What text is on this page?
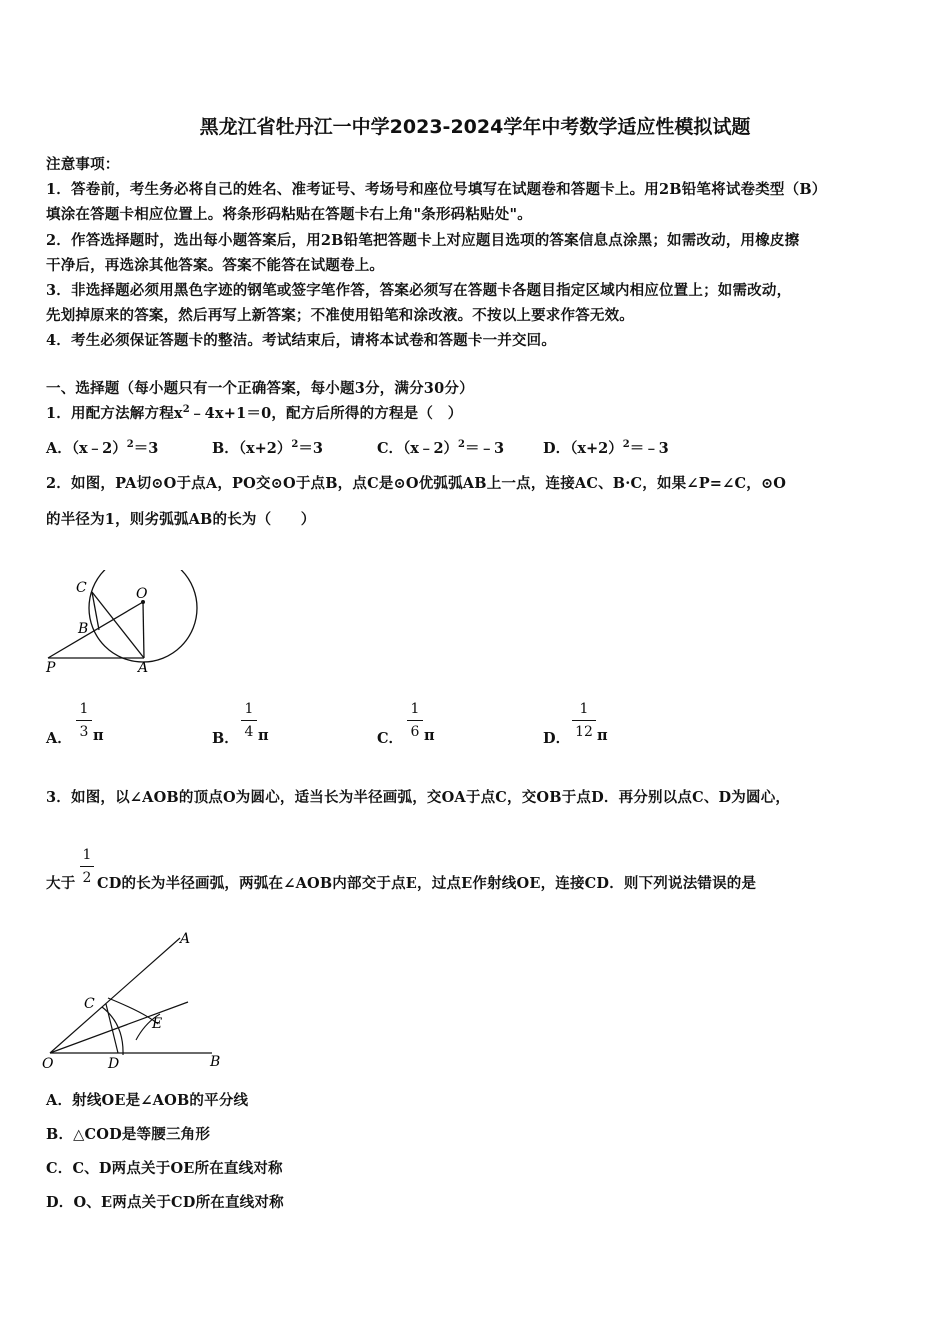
黑龙江省牡丹江一中学2023-2024学年中考数学适应性模拟试题
注意事项：
1．答卷前，考生务必将自己的姓名、准考证号、考场号和座位号填写在试题卷和答题卡上。用2B铅笔将试卷类型（B）
填涂在答题卡相应位置上。将条形码粘贴在答题卡右上角"条形码粘贴处"。
2．作答选择题时，选出每小题答案后，用2B铅笔把答题卡上对应题目选项的答案信息点涂黑；如需改动，用橡皮擦
干净后，再选涂其他答案。答案不能答在试题卷上。
3．非选择题必须用黑色字迹的钢笔或签字笔作答，答案必须写在答题卡各题目指定区域内相应位置上；如需改动，
先划掉原来的答案，然后再写上新答案；不准使用铅笔和涂改液。不按以上要求作答无效。
4．考生必须保证答题卡的整洁。考试结束后，请将本试卷和答题卡一并交回。
一、选择题（每小题只有一个正确答案，每小题3分，满分30分）
1．用配方法解方程$x^2﹣4x+1=0$，配方后所得的方程是（　）
A．（x﹣2）$^2$＝3	B．$(x+2)^2=3$	C．（x﹣2）$^2$＝﹣3	D．$(x+2)^2=﹣3$
2．如图，PA切⊙O于点A，PO交⊙O于点B，点C是⊙O优弧弧AB上一点，连接AC、B·C，如果∠P=∠C，⊙O
的半径为1，则劣弧弧AB的长为（　　）
C	O
B
P	A
A．
1
3 π	B．
1
4 π	C．
1
6 π	D．
1
12 π
3．如图，以∠AOB的顶点O为圆心，适当长为半径画弧，交OA于点C，交OB于点D．再分别以点C、D为圆心，
大于
1
2 CD的长为半径画弧，两弧在∠AOB内部交于点E，过点E作射线OE，连接CD．则下列说法错误的是
C
A
E
O	D	B
A．射线OE是∠AOB的平分线
B．△COD是等腰三角形
C．C、D两点关于OE所在直线对称
D．O、E两点关于CD所在直线对称
